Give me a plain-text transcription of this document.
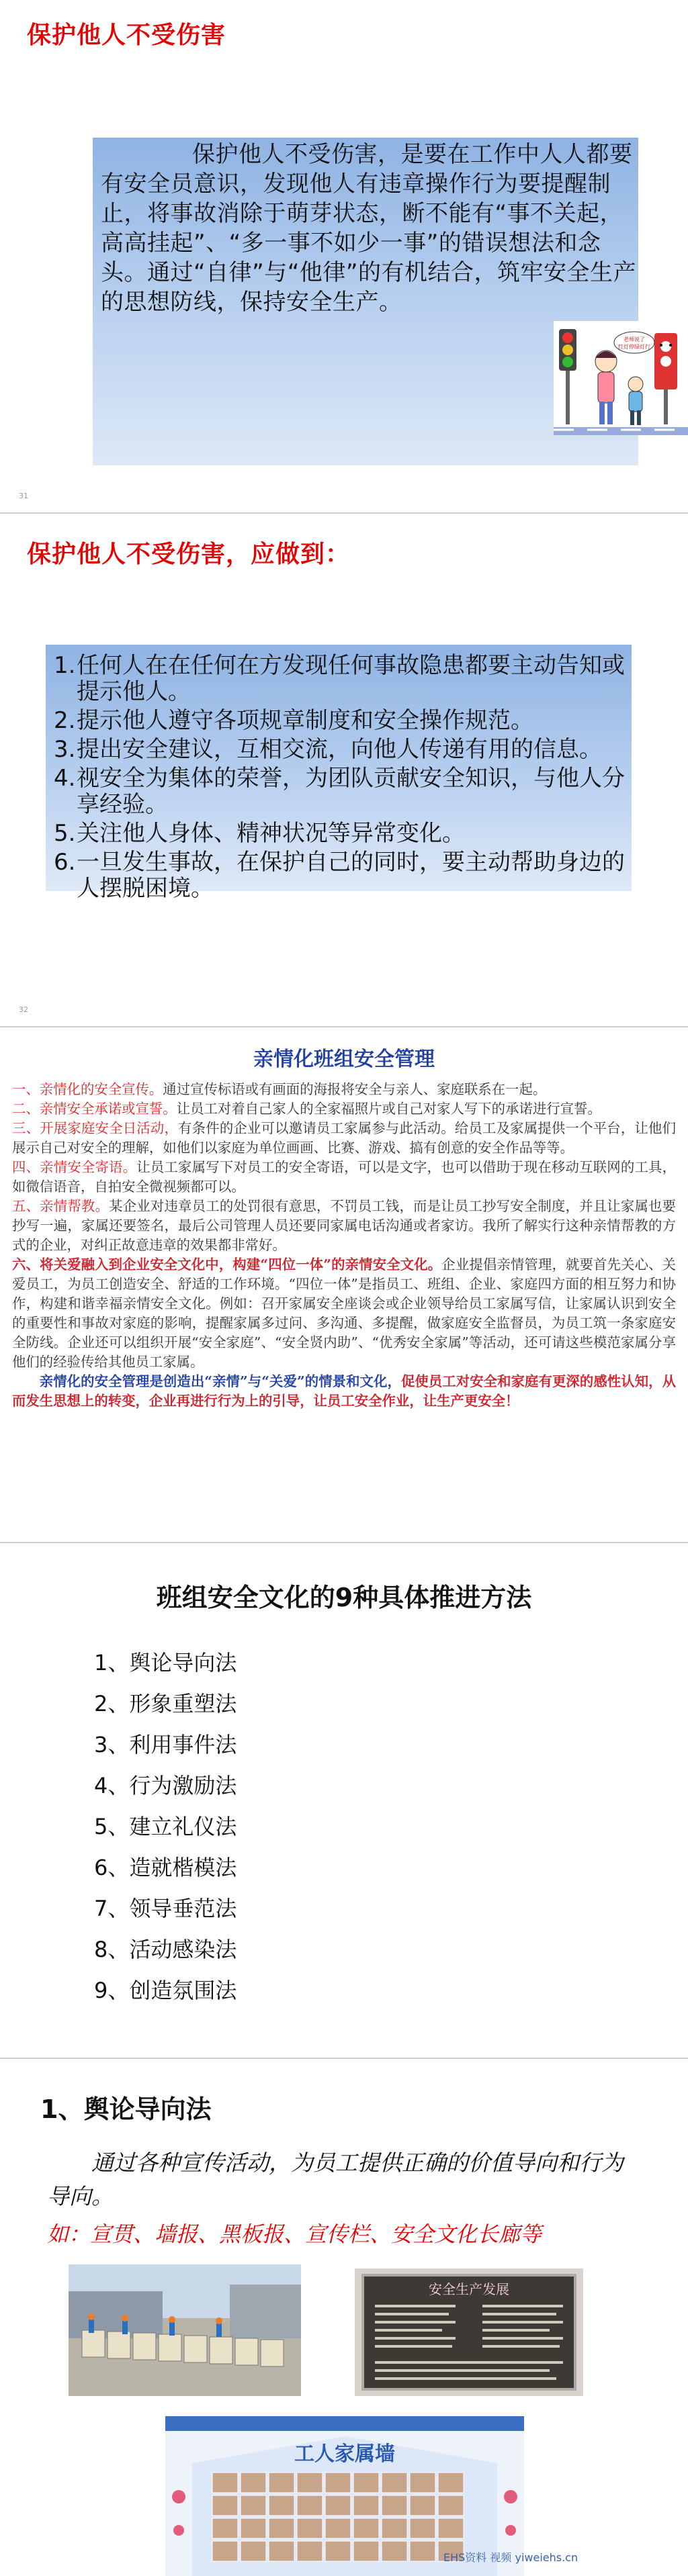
保护他人不受伤害
保护他人不受伤害，是要在工作中人人都要有安全员意识，发现他人有违章操作行为要提醒制止，将事故消除于萌芽状态，断不能有“事不关起，高高挂起”、“多一事不如少一事”的错误想法和念头。通过“自律”与“他律”的有机结合，筑牢安全生产的思想防线，保持安全生产。
老师说了
红灯停绿灯行
31
保护他人不受伤害，应做到：
1. 任何人在在任何在方发现任何事故隐患都要主动告知或提示他人。
2. 提示他人遵守各项规章制度和安全操作规范。
3. 提出安全建议，互相交流，向他人传递有用的信息。
4. 视安全为集体的荣誉，为团队贡献安全知识，与他人分享经验。
5. 关注他人身体、精神状况等异常变化。
6. 一旦发生事故，在保护自己的同时，要主动帮助身边的人摆脱困境。
32
亲情化班组安全管理

一、亲情化的安全宣传。通过宣传标语或有画面的海报将安全与亲人、家庭联系在一起。

二、亲情安全承诺或宣誓。让员工对着自己家人的全家福照片或自己对家人写下的承诺进行宣誓。

三、开展家庭安全日活动，有条件的企业可以邀请员工家属参与此活动。给员工及家属提供一个平台，让他们展示自己对安全的理解，如他们以家庭为单位画画、比赛、游戏、搞有创意的安全作品等等。

四、亲情安全寄语。让员工家属写下对员工的安全寄语，可以是文字，也可以借助于现在移动互联网的工具，如微信语音，自拍安全微视频都可以。

五、亲情帮教。某企业对违章员工的处罚很有意思，不罚员工钱，而是让员工抄写安全制度，并且让家属也要抄写一遍，家属还要签名，最后公司管理人员还要同家属电话沟通或者家访。我所了解实行这种亲情帮教的方式的企业，对纠正故意违章的效果都非常好。

六、将关爱融入到企业安全文化中，构建“四位一体”的亲情安全文化。企业提倡亲情管理，就要首先关心、关爱员工，为员工创造安全、舒适的工作环境。“四位一体”是指员工、班组、企业、家庭四方面的相互努力和协作，构建和谐幸福亲情安全文化。例如：召开家属安全座谈会或企业领导给员工家属写信，让家属认识到安全的重要性和事故对家庭的影响，提醒家属多过问、多沟通、多提醒，做家庭安全监督员，为员工筑一条家庭安全防线。企业还可以组织开展“安全家庭”、“安全贤内助”、“优秀安全家属”等活动，还可请这些模范家属分享他们的经验传给其他员工家属。

亲情化的安全管理是创造出“亲情”与“关爱”的情景和文化，促使员工对安全和家庭有更深的感性认知，从而发生思想上的转变，企业再进行行为上的引导，让员工安全作业，让生产更安全！

班组安全文化的9种具体推进方法
1、舆论导向法
2、形象重塑法
3、利用事件法
4、行为激励法
5、建立礼仪法
6、造就楷模法
7、领导垂范法
8、活动感染法
9、创造氛围法
1、舆论导向法
通过各种宣传活动，为员工提供正确的价值导向和行为导向。
如：宣贯、墙报、黑板报、宣传栏、安全文化长廊等
安全生产发展
工人家属墙
EHS资料 视频 yiweiehs.cn
